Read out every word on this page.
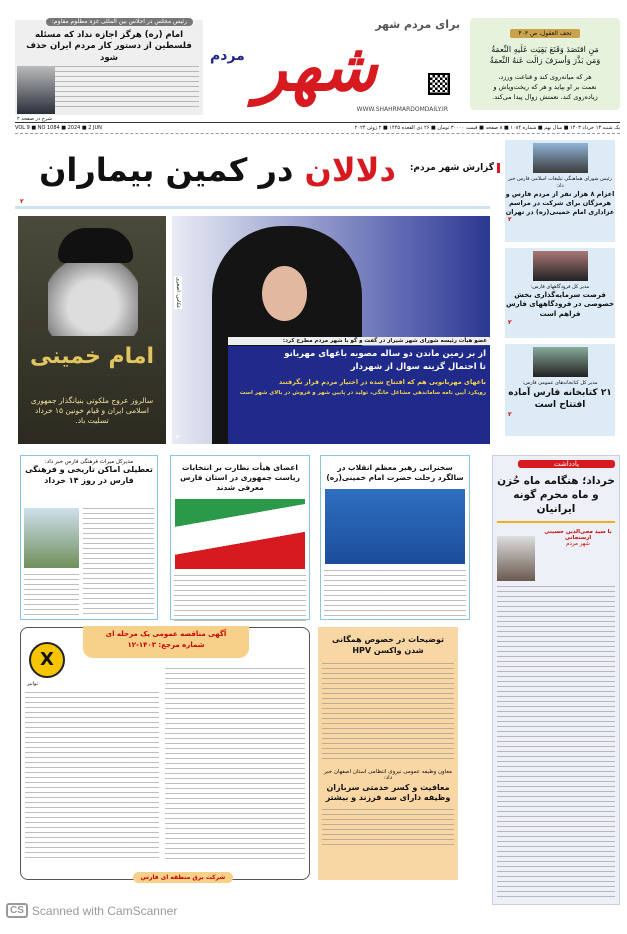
تحف العقول، ص ۴۰۳
مَنِ اقتَصَدَ وَقَنَعَ بَقِيَت عَلَيهِ النِّعمَةُ
وَمَن بَذَّرَ وَأسرَفَ زالَت عَنهُ النِّعمَةُ
هر که میانه‌روی کند و قناعت ورزد،
نعمت بر او بپاید و هر که ریخت‌وپاش و
زیاده‌روی کند، نعمتش زوال پیدا می‌کند.
برای مردم شهر
شهر
مردم
WWW.SHAHRMARDOMDAILY.IR
رئیس مجلس در اجلاس بین المللی غزه مظلوم مقاوم:
امام (ره) هرگز اجازه نداد که مسئله فلسطین از دستور کار مردم ایران حذف شود
شرح در صفحه ۲
یک شنبه ۱۳ خرداد ۱۴۰۳ ■ سال نهم ■ شماره ۱۰۸۴ ■ ۸ صفحه ■ قیمت ۳۰۰۰۰ تومان ■ ۲۶ ذی القعده ۱۴۴۵ ■ ۲ ژوئن ۲۰۲۴
VOL 9 ■ NO 1084 ■ 2024 ■ 2 JUN
دلالان در کمین بیماران	گزارش شهر مردم:
۲
رئیس شورای هماهنگی تبلیغات اسلامی فارس خبر داد:
اعزام ۸ هزار نفر از مردم فارس و هرمزگان برای شرکت در مراسم عزاداری امام خمینی(ره) در تهران
۲
مدیر کل فرودگاههای فارس:
فرصت سرمایه‌گذاری بخش خصوصی در فرودگاههای فارس فراهم است
۲
مدیر کل کتابخانه‌های عمومی فارس:
۲۱ کتابخانه فارس آماده افتتاح است
۲
عکاس: اصغری
عضو هیأت رئیسه شورای شهر شیراز در گفت و گو با شهر مردم مطرح کرد:
از بر زمین ماندن دو ساله مصوبه باغهای مهربانو
تا احتمال گزینه سوال از شهردار
باغهای مهربانویی هم که افتتاح شده در اختیار مردم قرار نگرفتند
رویکرد آیین نامه ساماندهی مشاغل خانگی، تولید در پایین شهر و فروش در بالای شهر است
۲
امام خمینی
سالروز عروج ملکوتی بنیانگذار جمهوری اسلامی ایران و قیام خونین ۱۵ خرداد تسلیت باد.
مدیرکل میراث فرهنگی فارس خبر داد:
تعطیلی اماکن تاریخی و فرهنگی فارس در روز ۱۴ خرداد
اعضای هیأت نظارت بر انتخابات ریاست جمهوری در استان فارس معرفی شدند
سخنرانی رهبر معظم انقلاب در سالگرد رحلت حضرت امام خمینی(ره)
یادداشت
خرداد؛ هنگامه ماه حُزن و ماه محرم گونه ایرانیان
با سید محی‌الدین حسینی ارسنجانی
شهر مردم
آگهی مناقصه عمومی یک مرحله ای
شماره مرجع: ۱۴۰۳-۱۲
X
توانیر
شرکت برق منطقه ای فارس
توضیحات در خصوص همگانی شدن واکسن HPV
معاون وظیفه عمومی نیروی انتظامی استان اصفهان خبر داد:
معافیت و کسر خدمتی سربازان وظیفه دارای سه فرزند و بیشتر
CS Scanned with CamScanner
